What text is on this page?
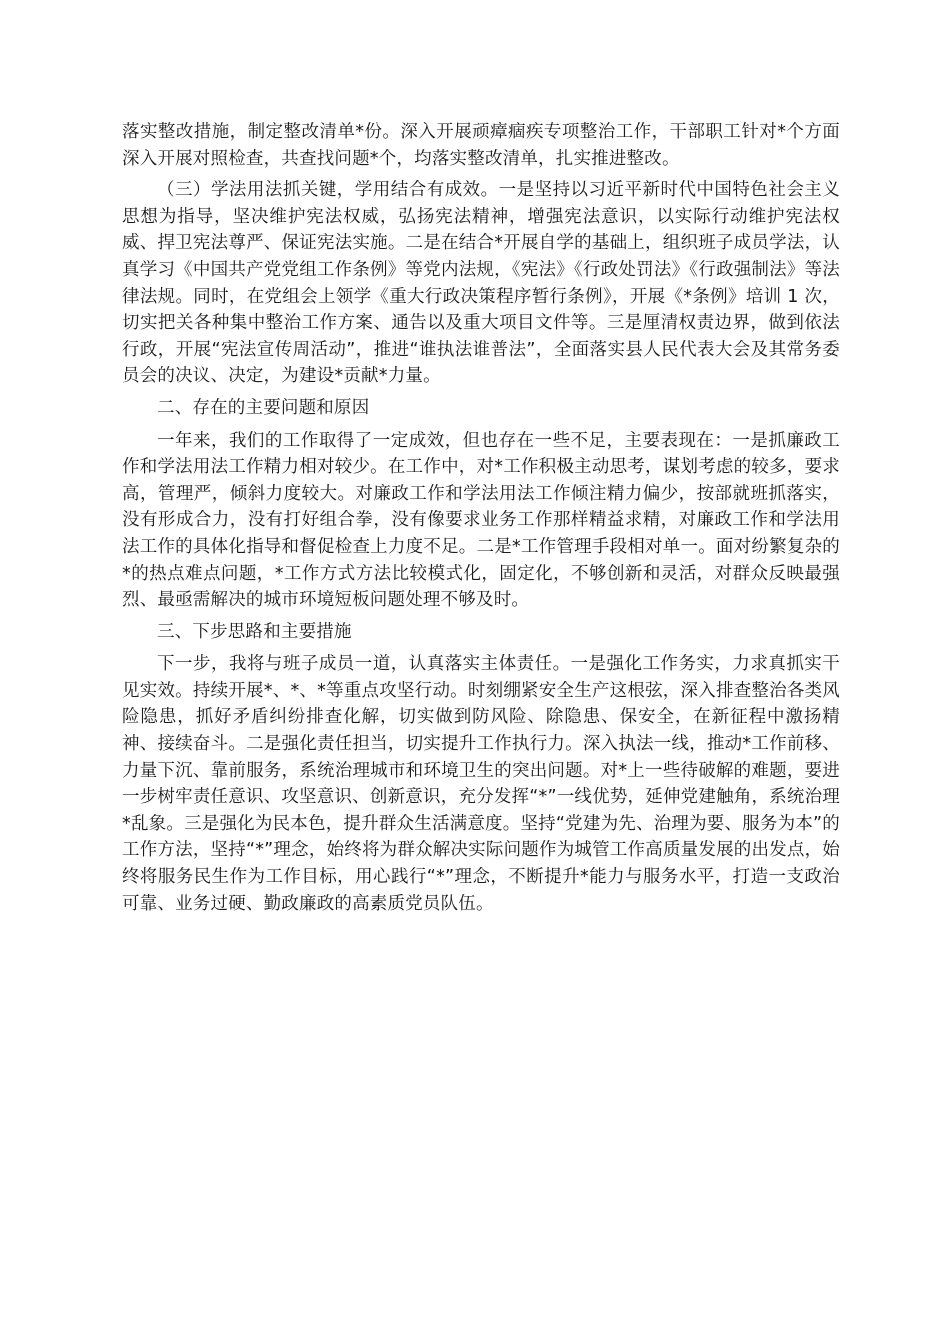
落实整改措施，制定整改清单*份。深入开展顽瘴痼疾专项整治工作，干部职工针对*个方面深入开展对照检查，共查找问题*个，均落实整改清单，扎实推进整改。

（三）学法用法抓关键，学用结合有成效。一是坚持以习近平新时代中国特色社会主义思想为指导，坚决维护宪法权威，弘扬宪法精神，增强宪法意识，以实际行动维护宪法权威、捍卫宪法尊严、保证宪法实施。二是在结合*开展自学的基础上，组织班子成员学法，认真学习《中国共产党党组工作条例》等党内法规，《宪法》《行政处罚法》《行政强制法》等法律法规。同时，在党组会上领学《重大行政决策程序暂行条例》，开展《*条例》培训 1 次，切实把关各种集中整治工作方案、通告以及重大项目文件等。三是厘清权责边界，做到依法行政，开展“宪法宣传周活动”，推进“谁执法谁普法”，全面落实县人民代表大会及其常务委员会的决议、决定，为建设*贡献*力量。

二、存在的主要问题和原因

一年来，我们的工作取得了一定成效，但也存在一些不足，主要表现在：一是抓廉政工作和学法用法工作精力相对较少。在工作中，对*工作积极主动思考，谋划考虑的较多，要求高，管理严，倾斜力度较大。对廉政工作和学法用法工作倾注精力偏少，按部就班抓落实，没有形成合力，没有打好组合拳，没有像要求业务工作那样精益求精，对廉政工作和学法用法工作的具体化指导和督促检查上力度不足。二是*工作管理手段相对单一。面对纷繁复杂的*的热点难点问题，*工作方式方法比较模式化，固定化，不够创新和灵活，对群众反映最强烈、最亟需解决的城市环境短板问题处理不够及时。

三、下步思路和主要措施

下一步，我将与班子成员一道，认真落实主体责任。一是强化工作务实，力求真抓实干见实效。持续开展*、*、*等重点攻坚行动。时刻绷紧安全生产这根弦，深入排查整治各类风险隐患，抓好矛盾纠纷排查化解，切实做到防风险、除隐患、保安全，在新征程中激扬精神、接续奋斗。二是强化责任担当，切实提升工作执行力。深入执法一线，推动*工作前移、力量下沉、靠前服务，系统治理城市和环境卫生的突出问题。对*上一些待破解的难题，要进一步树牢责任意识、攻坚意识、创新意识，充分发挥“*”一线优势，延伸党建触角，系统治理*乱象。三是强化为民本色，提升群众生活满意度。坚持“党建为先、治理为要、服务为本”的工作方法，坚持“*”理念，始终将为群众解决实际问题作为城管工作高质量发展的出发点，始终将服务民生作为工作目标，用心践行“*”理念，不断提升*能力与服务水平，打造一支政治可靠、业务过硬、勤政廉政的高素质党员队伍。
